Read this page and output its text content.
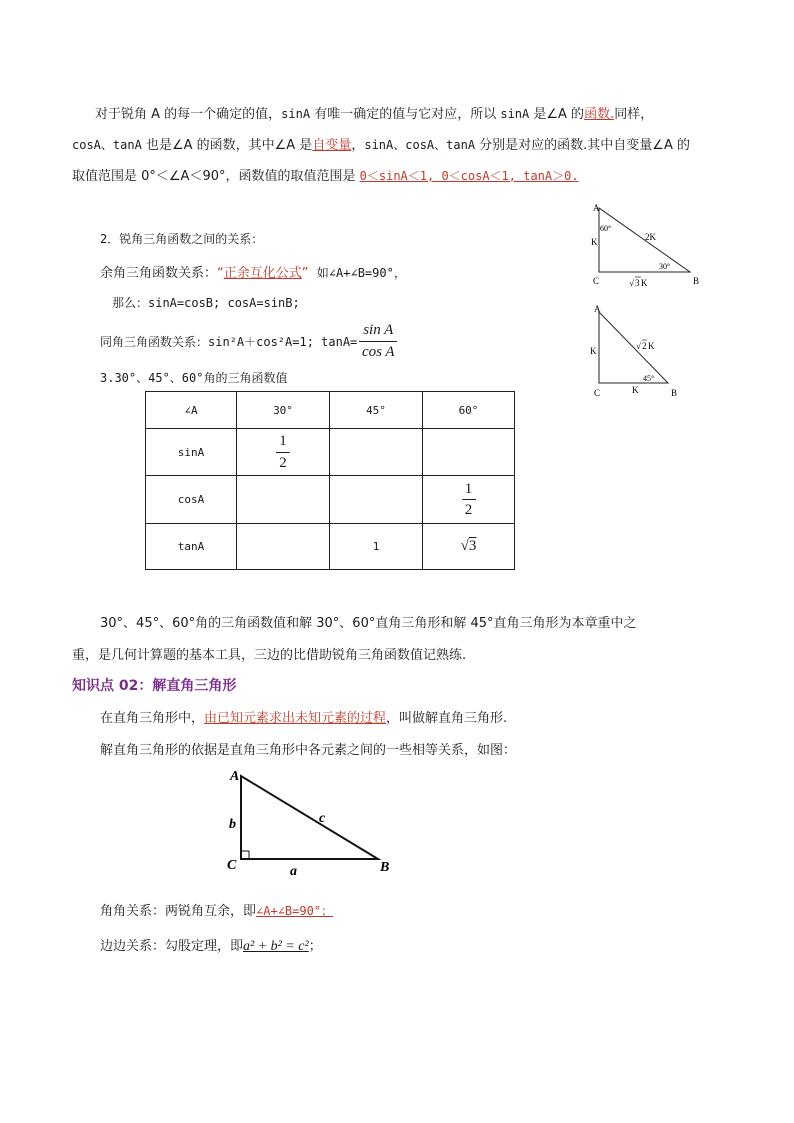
对于锐角 A 的每一个确定的值，sinA 有唯一确定的值与它对应，所以 sinA 是∠A 的函数.同样，
cosA、tanA 也是∠A 的函数，其中∠A 是自变量，sinA、cosA、tanA 分别是对应的函数.其中自变量∠A 的
取值范围是 0°＜∠A＜90°，函数值的取值范围是 0＜sinA＜1, 0＜cosA＜1, tanA＞0.
2．锐角三角函数之间的关系：
余角三角函数关系：“正余互化公式” 如∠A+∠B=90°，
那么：sinA=cosB; cosA=sinB;
同角三角函数关系：sin²A＋cos²A=1; $\tan A= \frac{\text{sin A}}{\text{cos A}}$
3.30°、45°、60°角的三角函数值
∠A	30°	45°	60°
sinA	$\frac{1}{2}$

cosA			$\frac{1}{2}$

tanA		1	√3
30°、45°、60°角的三角函数值和解 30°、60°直角三角形和解 45°直角三角形为本章重中之
重，是几何计算题的基本工具，三边的比借助锐角三角函数值记熟练.
知识点 02：解直角三角形
在直角三角形中，由已知元素求出未知元素的过程，叫做解直角三角形.
解直角三角形的依据是直角三角形中各元素之间的一些相等关系，如图：
角角关系：两锐角互余，即∠A+∠B=90°；
边边关系：勾股定理，即a² + b² = c²；
A
60°
K	2K
30°
C	B
√ 3 K
A
K	√ 2 K
45°
C	K	B
A
b	c
C	a	B
